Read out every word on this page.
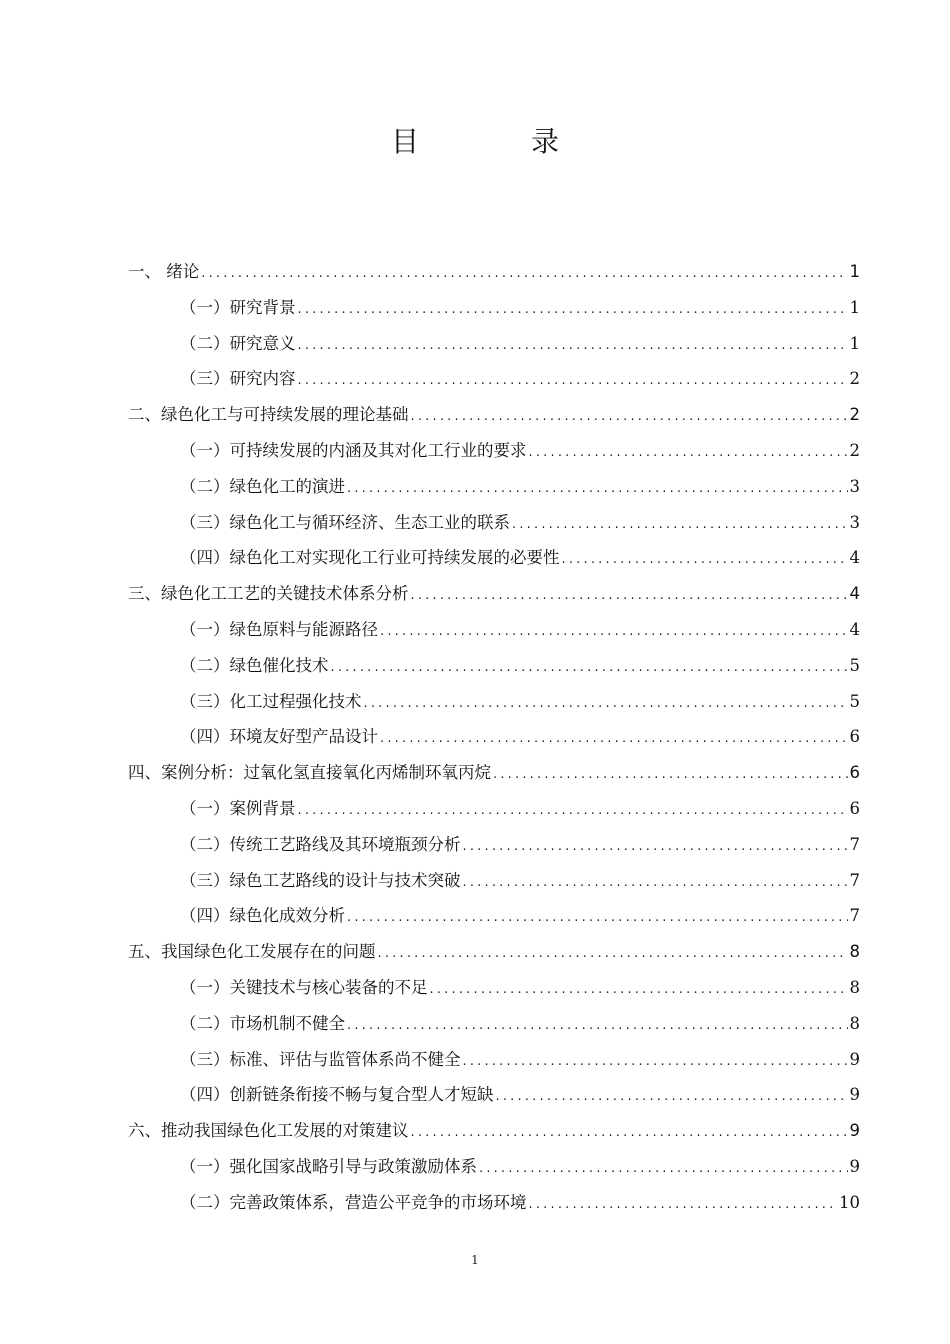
目　录
一、 绪论 .....	1
（一）研究背景 .....	1
（二）研究意义 .....	1
（三）研究内容 .....	2
二、绿色化工与可持续发展的理论基础 .....	2
（一）可持续发展的内涵及其对化工行业的要求 .....	2
（二）绿色化工的演进 .....	3
（三）绿色化工与循环经济、生态工业的联系 .....	3
（四）绿色化工对实现化工行业可持续发展的必要性 .....	4
三、绿色化工工艺的关键技术体系分析 .....	4
（一）绿色原料与能源路径 .....	4
（二）绿色催化技术 .....	5
（三）化工过程强化技术 .....	5
（四）环境友好型产品设计 .....	6
四、案例分析：过氧化氢直接氧化丙烯制环氧丙烷 .....	6
（一）案例背景 .....	6
（二）传统工艺路线及其环境瓶颈分析 .....	7
（三）绿色工艺路线的设计与技术突破 .....	7
（四）绿色化成效分析 .....	7
五、我国绿色化工发展存在的问题 .....	8
（一）关键技术与核心装备的不足 .....	8
（二）市场机制不健全 .....	8
（三）标准、评估与监管体系尚不健全 .....	9
（四）创新链条衔接不畅与复合型人才短缺 .....	9
六、推动我国绿色化工发展的对策建议 .....	9
（一）强化国家战略引导与政策激励体系 .....	9
（二）完善政策体系，营造公平竞争的市场环境 .....	10
1
